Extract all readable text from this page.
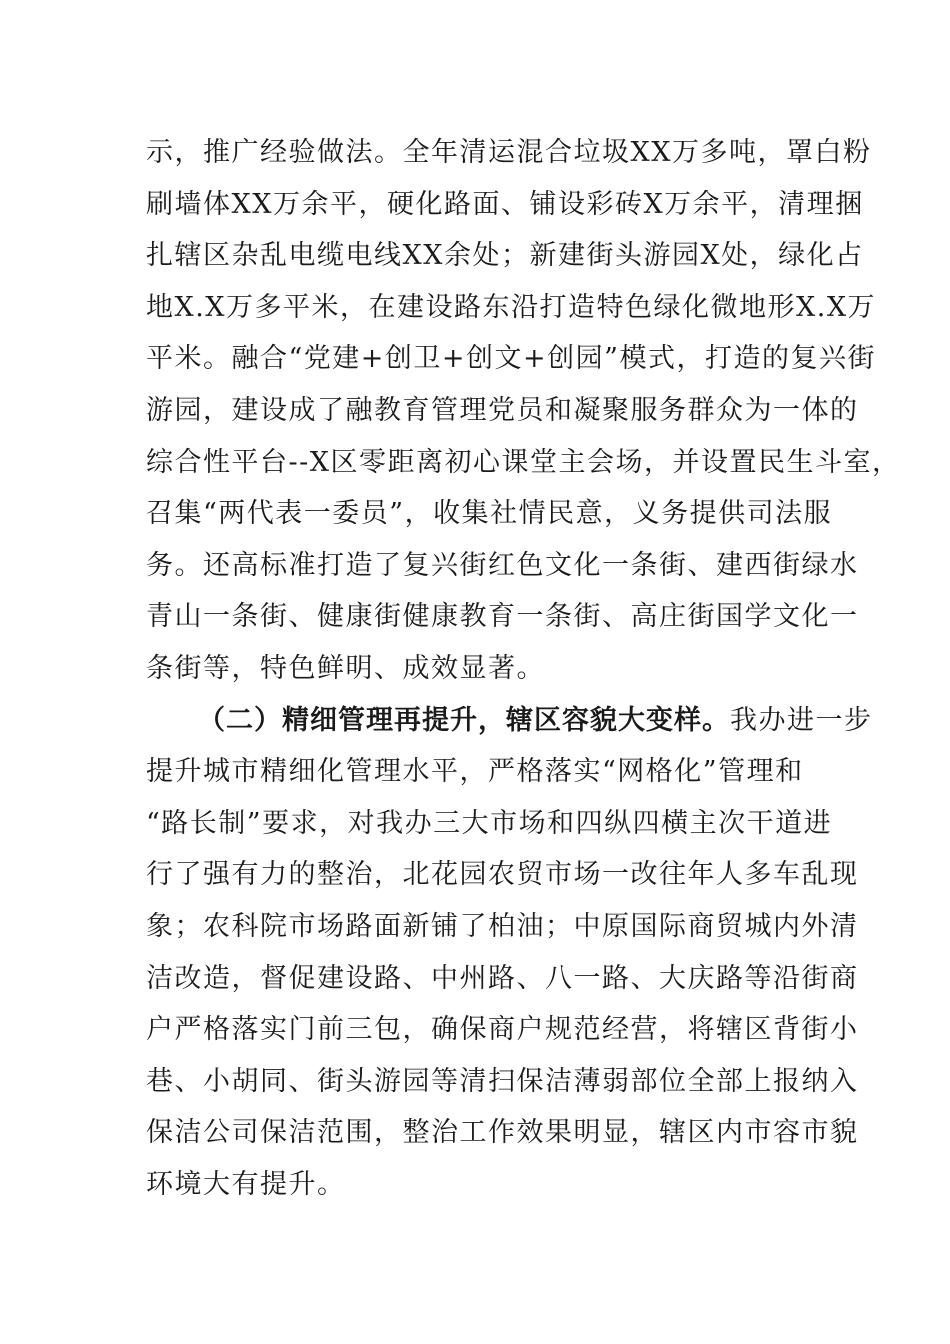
示，推广经验做法。全年清运混合垃圾XX万多吨，罩白粉
刷墙体XX万余平，硬化路面、铺设彩砖X万余平，清理捆
扎辖区杂乱电缆电线XX余处；新建街头游园X处，绿化占
地X.X万多平米，在建设路东沿打造特色绿化微地形X.X万
平米。融合“党建+创卫+创文+创园”模式，打造的复兴街
游园，建设成了融教育管理党员和凝聚服务群众为一体的
综合性平台--X区零距离初心课堂主会场，并设置民生斗室，
召集“两代表一委员”，收集社情民意，义务提供司法服
务。还高标准打造了复兴街红色文化一条街、建西街绿水
青山一条街、健康街健康教育一条街、高庄街国学文化一
条街等，特色鲜明、成效显著。
（二）精细管理再提升，辖区容貌大变样。我办进一步
提升城市精细化管理水平，严格落实“网格化”管理和
“路长制”要求，对我办三大市场和四纵四横主次干道进
行了强有力的整治，北花园农贸市场一改往年人多车乱现
象；农科院市场路面新铺了柏油；中原国际商贸城内外清
洁改造，督促建设路、中州路、八一路、大庆路等沿街商
户严格落实门前三包，确保商户规范经营，将辖区背街小
巷、小胡同、街头游园等清扫保洁薄弱部位全部上报纳入
保洁公司保洁范围，整治工作效果明显，辖区内市容市貌
环境大有提升。
